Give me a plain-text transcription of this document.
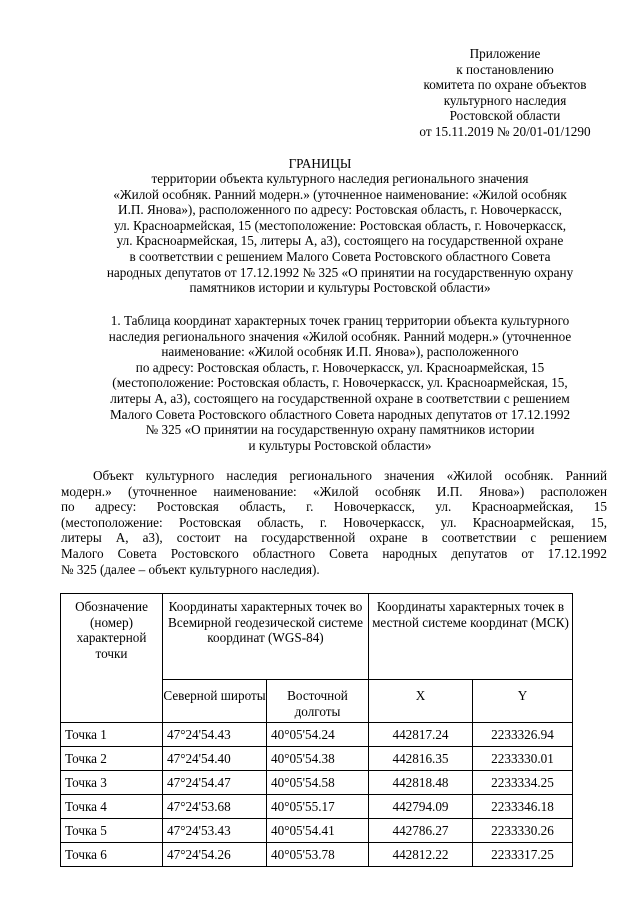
Приложение
к постановлению
комитета по охране объектов
культурного наследия
Ростовской области
от 15.11.2019 № 20/01-01/1290
ГРАНИЦЫ
территории объекта культурного наследия регионального значения
«Жилой особняк. Ранний модерн.» (уточненное наименование: «Жилой особняк
И.П. Янова»), расположенного по адресу: Ростовская область, г. Новочеркасск,
ул. Красноармейская, 15 (местоположение: Ростовская область, г. Новочеркасск,
ул. Красноармейская, 15, литеры А, а3), состоящего на государственной охране
в соответствии с решением Малого Совета Ростовского областного Совета
народных депутатов от 17.12.1992 № 325 «О принятии на государственную охрану
памятников истории и культуры Ростовской области»
1. Таблица координат характерных точек границ территории объекта культурного
наследия регионального значения «Жилой особняк. Ранний модерн.» (уточненное
наименование: «Жилой особняк И.П. Янова»), расположенного
по адресу: Ростовская область, г. Новочеркасск, ул. Красноармейская, 15
(местоположение: Ростовская область, г. Новочеркасск, ул. Красноармейская, 15,
литеры А, а3), состоящего на государственной охране в соответствии с решением
Малого Совета Ростовского областного Совета народных депутатов от 17.12.1992
№ 325 «О принятии на государственную охрану памятников истории
и культуры Ростовской области»
Объект культурного наследия регионального значения «Жилой особняк. Ранний
модерн.» (уточненное наименование: «Жилой особняк И.П. Янова») расположен
по адресу: Ростовская область, г. Новочеркасск, ул. Красноармейская, 15
(местоположение: Ростовская область, г. Новочеркасск, ул. Красноармейская, 15,
литеры А, а3), состоит на государственной охране в соответствии с решением
Малого Совета Ростовского областного Совета народных депутатов от 17.12.1992
№ 325 (далее – объект культурного наследия).
Обозначение (номер) характерной точки	Координаты характерных точек во Всемирной геодезической системе координат (WGS-84)		Координаты характерных точек в местной системе координат (МСК)	
	Северной широты	Восточной долготы	X	Y
Точка 1	47°24'54.43	40°05'54.24	442817.24	2233326.94
Точка 2	47°24'54.40	40°05'54.38	442816.35	2233330.01
Точка 3	47°24'54.47	40°05'54.58	442818.48	2233334.25
Точка 4	47°24'53.68	40°05'55.17	442794.09	2233346.18
Точка 5	47°24'53.43	40°05'54.41	442786.27	2233330.26
Точка 6	47°24'54.26	40°05'53.78	442812.22	2233317.25
